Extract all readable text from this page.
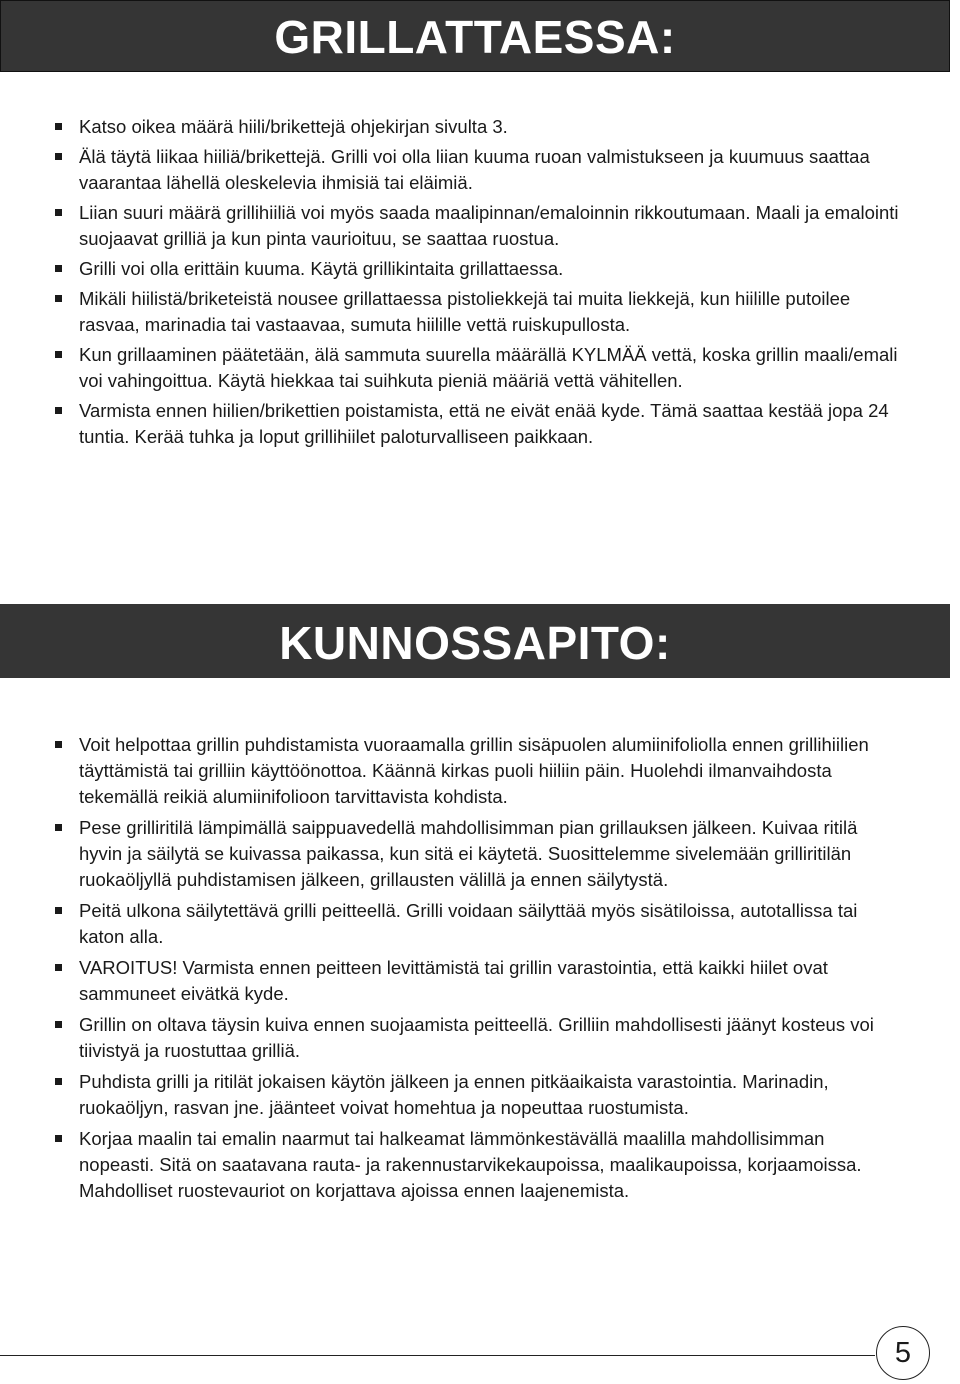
GRILLATTAESSA:
Katso oikea määrä hiili/brikettejä ohjekirjan sivulta 3.
Älä täytä liikaa hiiliä/brikettejä. Grilli voi olla liian kuuma ruoan valmistukseen ja kuumuus saattaa vaarantaa lähellä oleskelevia ihmisiä tai eläimiä.
Liian suuri määrä grillihiiliä voi myös saada maalipinnan/emaloinnin rikkoutumaan. Maali ja emalointi suojaavat grilliä ja kun pinta vaurioituu, se saattaa ruostua.
Grilli voi olla erittäin kuuma. Käytä grillikintaita grillattaessa.
Mikäli hiilistä/briketeistä nousee grillattaessa pistoliekkejä tai muita liekkejä, kun hiilille putoilee rasvaa, marinadia tai vastaavaa, sumuta hiilille vettä ruiskupullosta.
Kun grillaaminen päätetään, älä sammuta suurella määrällä KYLMÄÄ vettä, koska grillin maali/emali voi vahingoittua. Käytä hiekkaa tai suihkuta pieniä määriä vettä vähitellen.
Varmista ennen hiilien/brikettien poistamista, että ne eivät enää kyde. Tämä saattaa kestää jopa 24 tuntia. Kerää tuhka ja loput grillihiilet paloturvalliseen paikkaan.
KUNNOSSAPITO:
Voit helpottaa grillin puhdistamista vuoraamalla grillin sisäpuolen alumiinifoliolla ennen grillihiilien täyttämistä tai grilliin käyttöönottoa. Käännä kirkas puoli hiiliin päin. Huolehdi ilmanvaihdosta tekemällä reikiä alumiinifolioon tarvittavista kohdista.
Pese grilliritilä lämpimällä saippuavedellä mahdollisimman pian grillauksen jälkeen. Kuivaa ritilä hyvin ja säilytä se kuivassa paikassa, kun sitä ei käytetä. Suosittelemme sivelemään grilliritilän ruokaöljyllä puhdistamisen jälkeen, grillausten välillä ja ennen säilytystä.
Peitä ulkona säilytettävä grilli peitteellä. Grilli voidaan säilyttää myös sisätiloissa, autotallissa tai katon alla.
VAROITUS! Varmista ennen peitteen levittämistä tai grillin varastointia, että kaikki hiilet ovat sammuneet eivätkä kyde.
Grillin on oltava täysin kuiva ennen suojaamista peitteellä. Grilliin mahdollisesti jäänyt kosteus voi tiivistyä ja ruostuttaa grilliä.
Puhdista grilli ja ritilät jokaisen käytön jälkeen ja ennen pitkäaikaista varastointia. Marinadin, ruokaöljyn, rasvan jne. jäänteet voivat homehtua ja nopeuttaa ruostumista.
Korjaa maalin tai emalin naarmut tai halkeamat lämmönkestävällä maalilla mahdollisimman nopeasti. Sitä on saatavana rauta- ja rakennustarvikekaupoissa, maalikaupoissa, korjaamoissa. Mahdolliset ruostevauriot on korjattava ajoissa ennen laajenemista.
5
